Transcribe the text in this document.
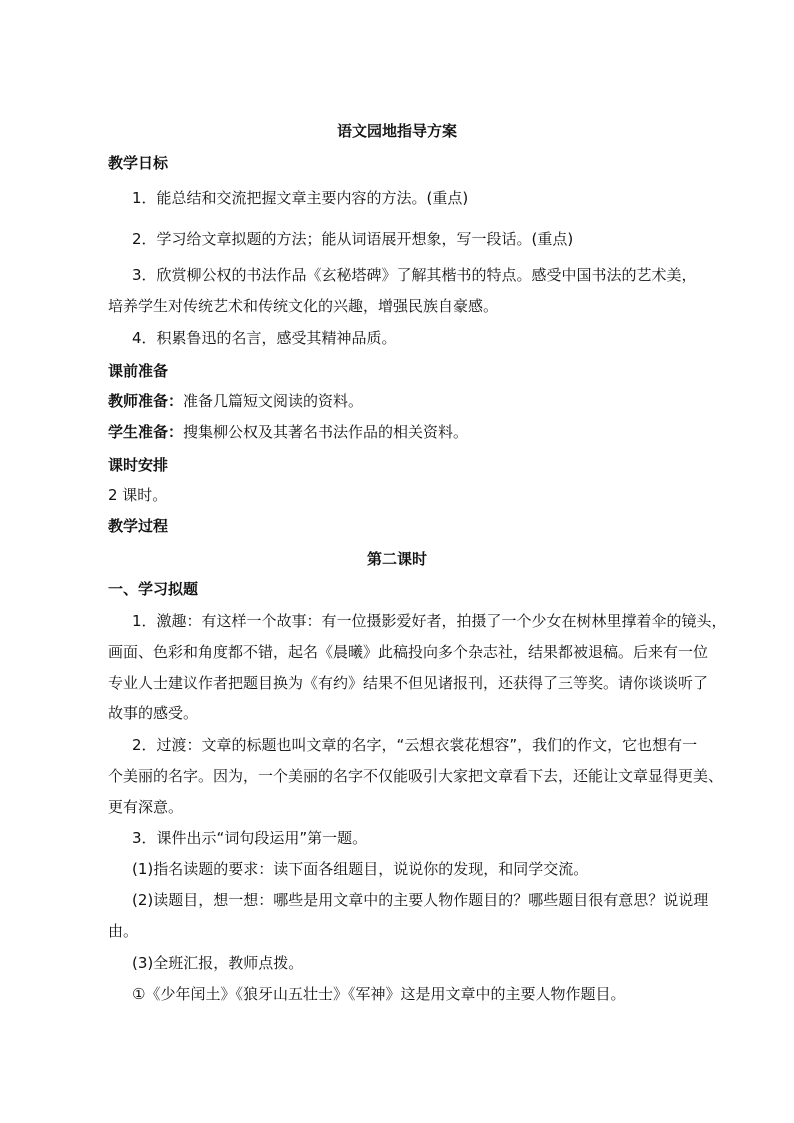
语文园地指导方案
教学日标
1．能总结和交流把握文章主要内容的方法。(重点)
2．学习给文章拟题的方法；能从词语展开想象，写一段话。(重点)
3．欣赏柳公权的书法作品《玄秘塔碑》了解其楷书的特点。感受中国书法的艺术美，
培养学生对传统艺术和传统文化的兴趣，增强民族自豪感。
4．积累鲁迅的名言，感受其精神品质。
课前准备
教师准备：准备几篇短文阅读的资料。
学生准备：搜集柳公权及其著名书法作品的相关资料。
课时安排
2 课时。
教学过程
第二课时
一、学习拟题
1．激趣：有这样一个故事：有一位摄影爱好者，拍摄了一个少女在树林里撑着伞的镜头，
画面、色彩和角度都不错，起名《晨曦》此稿投向多个杂志社，结果都被退稿。后来有一位
专业人士建议作者把题目换为《有约》结果不但见诸报刊，还获得了三等奖。请你谈谈听了
故事的感受。
2．过渡：文章的标题也叫文章的名字，“云想衣裳花想容”，我们的作文，它也想有一
个美丽的名字。因为，一个美丽的名字不仅能吸引大家把文章看下去，还能让文章显得更美、
更有深意。
3．课件出示“词句段运用”第一题。
(1)指名读题的要求：读下面各组题目，说说你的发现，和同学交流。
(2)读题目，想一想：哪些是用文章中的主要人物作题目的？哪些题目很有意思？说说理
由。
(3)全班汇报，教师点拨。
①《少年闰土》《狼牙山五壮士》《军神》这是用文章中的主要人物作题目。
